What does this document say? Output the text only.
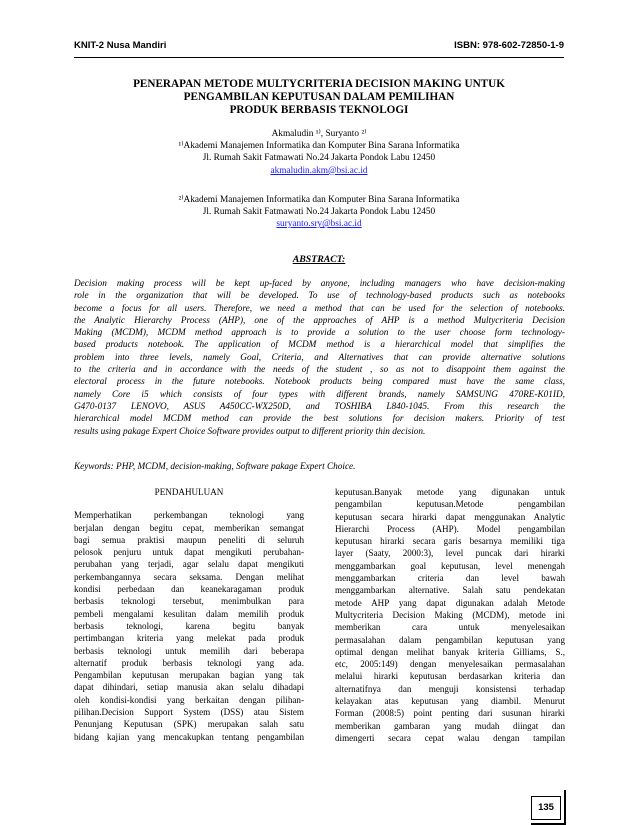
KNIT-2 Nusa Mandiri	ISBN: 978-602-72850-1-9
PENERAPAN METODE MULTYCRITERIA DECISION MAKING UNTUK
PENGAMBILAN KEPUTUSAN DALAM PEMILIHAN
PRODUK BERBASIS TEKNOLOGI
Akmaludin ¹⁾, Suryanto ²⁾
¹⁾Akademi Manajemen Informatika dan Komputer Bina Sarana Informatika
Jl. Rumah Sakit Fatmawati No.24 Jakarta Pondok Labu 12450
akmaludin.akm@bsi.ac.id
²⁾Akademi Manajemen Informatika dan Komputer Bina Sarana Informatika
Jl. Rumah Sakit Fatmawati No.24 Jakarta Pondok Labu 12450
suryanto.sry@bsi.ac.id
ABSTRACT:
Decision making process will be kept up-faced by anyone, including managers who have decision-making
role in the organization that will be developed. To use of technology-based products such as notebooks
become a focus for all users. Therefore, we need a method that can be used for the selection of notebooks.
the Analytic Hierarchy Process (AHP), one of the approaches of AHP is a method Multycriteria Decision
Making (MCDM), MCDM method approach is to provide a solution to the user choose form technology-
based products notebook. The application of MCDM method is a hierarchical model that simplifies the
problem into three levels, namely Goal, Criteria, and Alternatives that can provide alternative solutions
to the criteria and in accordance with the needs of the student , so as not to disappoint them against the
electoral process in the future notebooks. Notebook products being compared must have the same class,
namely Core i5 which consists of four types with different brands, namely SAMSUNG 470RE-K01ID,
G470-0137 LENOVO, ASUS A450CC-WX250D, and TOSHIBA L840-1045. From this research the
hierarchical model MCDM method can provide the best solutions for decision makers. Priority of test
results using pakage Expert Choice Software provides output to different priority thin decision.
Keywords: PHP, MCDM, decision-making, Software pakage Expert Choice.
PENDAHULUAN
Memperhatikan perkembangan teknologi yang
berjalan dengan begitu cepat, memberikan semangat
bagi semua praktisi maupun peneliti di seluruh
pelosok penjuru untuk dapat mengikuti perubahan-
perubahan yang terjadi, agar selalu dapat mengikuti
perkembangannya secara seksama. Dengan melihat
kondisi perbedaan dan keanekaragaman produk
berbasis teknologi tersebut, menimbulkan para
pembeli mengalami kesulitan dalam memilih produk
berbasis teknologi, karena begitu banyak
pertimbangan kriteria yang melekat pada produk
berbasis teknologi untuk memilih dari beberapa
alternatif produk berbasis teknologi yang ada.
Pengambilan keputusan merupakan bagian yang tak
dapat dihindari, setiap manusia akan selalu dihadapi
oleh kondisi-kondisi yang berkaitan dengan pilihan-
pilihan.Decision Support System (DSS) atau Sistem
Penunjang Keputusan (SPK) merupakan salah satu
bidang kajian yang mencakupkan tentang pengambilan
keputusan.Banyak metode yang digunakan untuk
pengambilan keputusan.Metode pengambilan
keputusan secara hirarki dapat menggunakan Analytic
Hierarchi Process (AHP). Model pengambilan
keputusan hirarki secara garis besarnya memiliki tiga
layer (Saaty, 2000:3), level puncak dari hirarki
menggambarkan goal keputusan, level menengah
menggambarkan criteria dan level bawah
menggambarkan alternative. Salah satu pendekatan
metode AHP yang dapat digunakan adalah Metode
Multycriteria Decision Making (MCDM), metode ini
memberikan cara untuk menyelesaikan
permasalahan dalam pengambilan keputusan yang
optimal dengan melihat banyak kriteria Gilliams, S.,
etc, 2005:149) dengan menyelesaikan permasalahan
melalui hirarki keputusan berdasarkan kriteria dan
alternatifnya dan menguji konsistensi terhadap
kelayakan atas keputusan yang diambil. Menurut
Forman (2008:5) point penting dari susunan hirarki
memberikan gambaran yang mudah diingat dan
dimengerti secara cepat walau dengan tampilan
135
